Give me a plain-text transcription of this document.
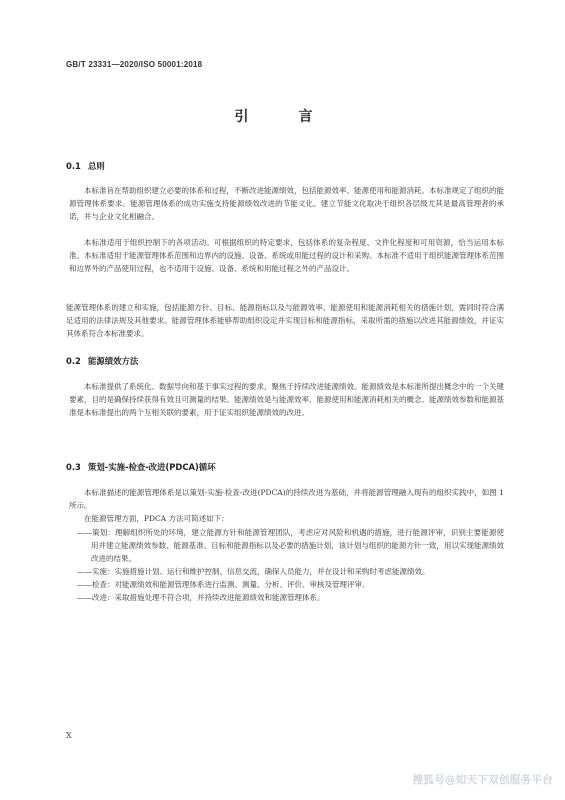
GB/T 23331—2020/ISO 50001:2018
引　言
0.1 总则
本标准旨在帮助组织建立必要的体系和过程，不断改进能源绩效，包括能源效率、能源使用和能源消耗。本标准规定了组织的能源管理体系要求。能源管理体系的成功实施支持能源绩效改进的节能文化。建立节能文化取决于组织各层级尤其是最高管理者的承诺，并与企业文化相融合。
本标准适用于组织控制下的各项活动。可根据组织的特定要求，包括体系的复杂程度、文件化程度和可用资源，恰当运用本标准。本标准适用于能源管理体系范围和边界内的设施、设备、系统或用能过程的设计和采购。本标准不适用于组织能源管理体系范围和边界外的产品使用过程，也不适用于设施、设备、系统和用能过程之外的产品设计。
能源管理体系的建立和实施，包括能源方针、目标、能源指标以及与能源效率、能源使用和能源消耗相关的措施计划，需同时符合满足适用的法律法规及其他要求。能源管理体系能够帮助组织设定并实现目标和能源指标，采取所需的措施以改进其能源绩效，并证实其体系符合本标准要求。
0.2 能源绩效方法
本标准提供了系统化、数据导向和基于事实过程的要求，聚焦于持续改进能源绩效。能源绩效是本标准所提出概念中的一个关键要素，目的是确保持续获得有效且可测量的结果。能源绩效是与能源效率、能源使用和能源消耗相关的概念。能源绩效参数和能源基准是本标准提出的两个互相关联的要素，用于证实组织能源绩效的改进。
0.3 策划-实施-检查-改进(PDCA)循环
本标准描述的能源管理体系是以策划-实施-检查-改进(PDCA)的持续改进为基础，并将能源管理融入现有的组织实践中，如图 1 所示。
在能源管理方面，PDCA 方法可简述如下：
——策划：理解组织所处的环境，建立能源方针和能源管理团队，考虑应对风险和机遇的措施，进行能源评审，识别主要能源使用并建立能源绩效参数、能源基准、目标和能源指标以及必要的措施计划，该计划与组织的能源方针一致，用以实现能源绩效改进的结果。
——实施：实施措施计划、运行和维护控制、信息交流，确保人员能力，并在设计和采购时考虑能源绩效。
——检查：对能源绩效和能源管理体系进行监测、测量、分析、评价、审核及管理评审。
——改进：采取措施处理不符合项，并持续改进能源绩效和能源管理体系。
Ⅹ
搜狐号@知天下双创服务平台
